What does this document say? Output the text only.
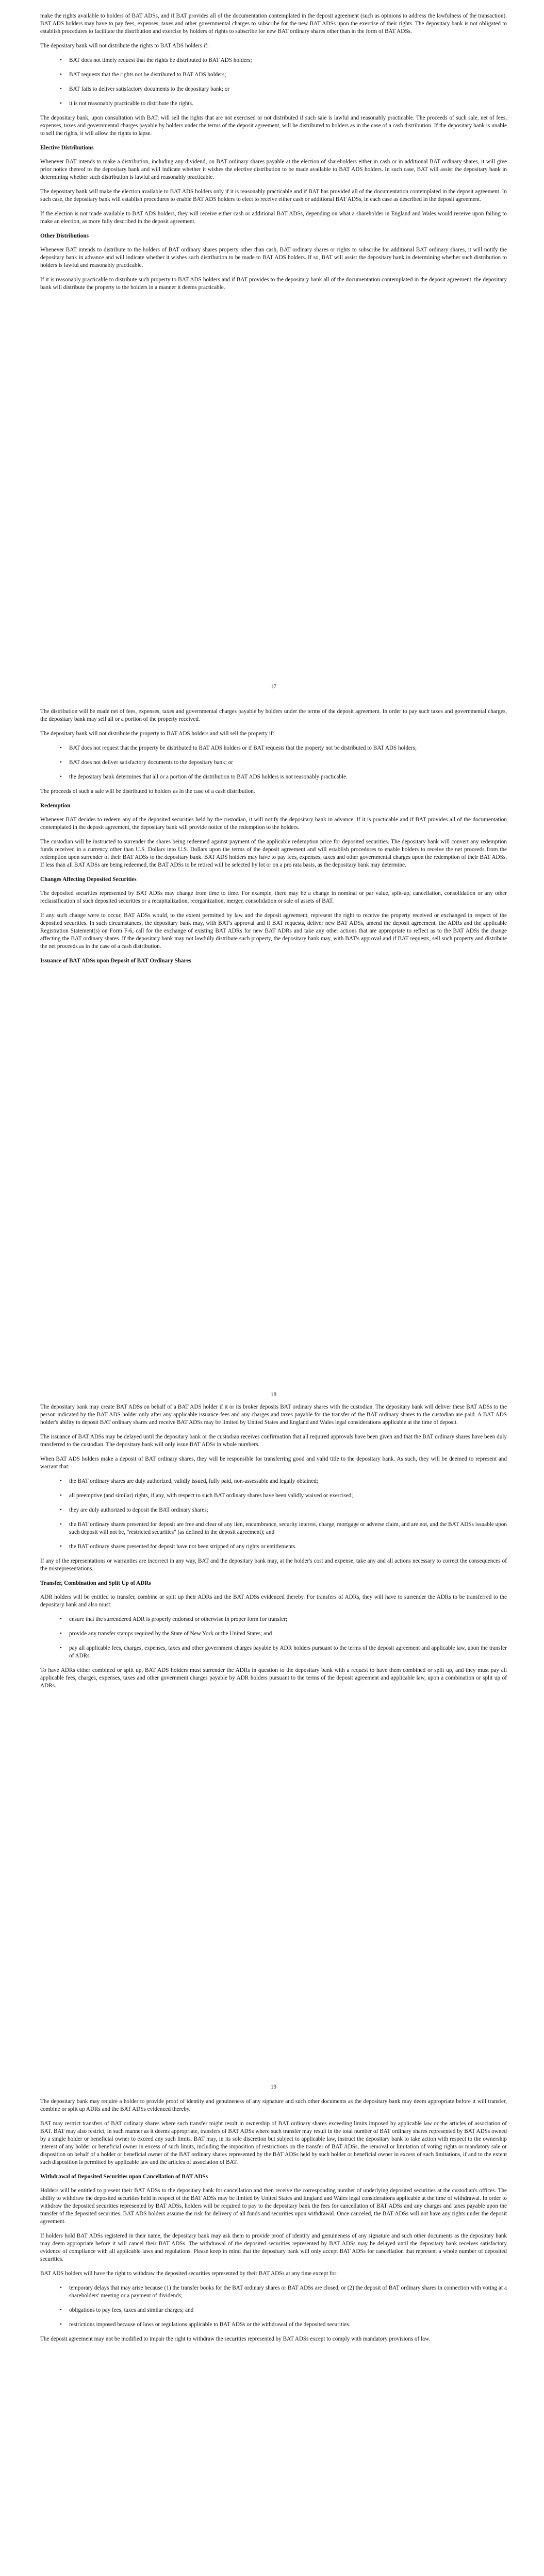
make the rights available to holders of BAT ADSs, and if BAT provides all of the documentation contemplated in the deposit agreement (such as opinions to address the lawfulness of the transaction). BAT ADS holders may have to pay fees, expenses, taxes and other governmental charges to subscribe for the new BAT ADSs upon the exercise of their rights. The depositary bank is not obligated to establish procedures to facilitate the distribution and exercise by holders of rights to subscribe for new BAT ordinary shares other than in the form of BAT ADSs.

The depositary bank will not distribute the rights to BAT ADS holders if:

• BAT does not timely request that the rights be distributed to BAT ADS holders;
• BAT requests that the rights not be distributed to BAT ADS holders;
• BAT fails to deliver satisfactory documents to the depositary bank; or
• it is not reasonably practicable to distribute the rights.

The depositary bank, upon consultation with BAT, will sell the rights that are not exercised or not distributed if such sale is lawful and reasonably practicable. The proceeds of such sale, net of fees, expenses, taxes and governmental charges payable by holders under the terms of the deposit agreement, will be distributed to holders as in the case of a cash distribution. If the depositary bank is unable to sell the rights, it will allow the rights to lapse.

Elective Distributions

Whenever BAT intends to make a distribution, including any dividend, on BAT ordinary shares payable at the election of shareholders either in cash or in additional BAT ordinary shares, it will give prior notice thereof to the depositary bank and will indicate whether it wishes the elective distribution to be made available to BAT ADS holders. In such case, BAT will assist the depositary bank in determining whether such distribution is lawful and reasonably practicable.

The depositary bank will make the election available to BAT ADS holders only if it is reasonably practicable and if BAT has provided all of the documentation contemplated in the deposit agreement. In such case, the depositary bank will establish procedures to enable BAT ADS holders to elect to receive either cash or additional BAT ADSs, in each case as described in the deposit agreement.

If the election is not made available to BAT ADS holders, they will receive either cash or additional BAT ADSs, depending on what a shareholder in England and Wales would receive upon failing to make an election, as more fully described in the deposit agreement.

Other Distributions

Whenever BAT intends to distribute to the holders of BAT ordinary shares property other than cash, BAT ordinary shares or rights to subscribe for additional BAT ordinary shares, it will notify the depositary bank in advance and will indicate whether it wishes such distribution to be made to BAT ADS holders. If so, BAT will assist the depositary bank in determining whether such distribution to holders is lawful and reasonably practicable.

If it is reasonably practicable to distribute such property to BAT ADS holders and if BAT provides to the depositary bank all of the documentation contemplated in the deposit agreement, the depositary bank will distribute the property to the holders in a manner it deems practicable.

17

The distribution will be made net of fees, expenses, taxes and governmental charges payable by holders under the terms of the deposit agreement. In order to pay such taxes and governmental charges, the depositary bank may sell all or a portion of the property received.

The depositary bank will not distribute the property to BAT ADS holders and will sell the property if:

• BAT does not request that the property be distributed to BAT ADS holders or if BAT requests that the property not be distributed to BAT ADS holders;
• BAT does not deliver satisfactory documents to the depositary bank; or
• the depositary bank determines that all or a portion of the distribution to BAT ADS holders is not reasonably practicable.

The proceeds of such a sale will be distributed to holders as in the case of a cash distribution.

Redemption

Whenever BAT decides to redeem any of the deposited securities held by the custodian, it will notify the depositary bank in advance. If it is practicable and if BAT provides all of the documentation contemplated in the deposit agreement, the depositary bank will provide notice of the redemption to the holders.

The custodian will be instructed to surrender the shares being redeemed against payment of the applicable redemption price for deposited securities. The depositary bank will convert any redemption funds received in a currency other than U.S. Dollars into U.S. Dollars upon the terms of the deposit agreement and will establish procedures to enable holders to receive the net proceeds from the redemption upon surrender of their BAT ADSs to the depositary bank. BAT ADS holders may have to pay fees, expenses, taxes and other governmental charges upon the redemption of their BAT ADSs. If less than all BAT ADSs are being redeemed, the BAT ADSs to be retired will be selected by lot or on a pro rata basis, as the depositary bank may determine.

Changes Affecting Deposited Securities

The deposited securities represented by BAT ADSs may change from time to time. For example, there may be a change in nominal or par value, split-up, cancellation, consolidation or any other reclassification of such deposited securities or a recapitalization, reorganization, merger, consolidation or sale of assets of BAT.

If any such change were to occur, BAT ADSs would, to the extent permitted by law and the deposit agreement, represent the right to receive the property received or exchanged in respect of the deposited securities. In such circumstances, the depositary bank may, with BAT's approval and if BAT requests, deliver new BAT ADSs, amend the deposit agreement, the ADRs and the applicable Registration Statement(s) on Form F-6, call for the exchange of existing BAT ADRs for new BAT ADRs and take any other actions that are appropriate to reflect as to the BAT ADSs the change affecting the BAT ordinary shares. If the depositary bank may not lawfully distribute such property, the depositary bank may, with BAT's approval and if BAT requests, sell such property and distribute the net proceeds as in the case of a cash distribution.

Issuance of BAT ADSs upon Deposit of BAT Ordinary Shares
18

The depositary bank may create BAT ADSs on behalf of a BAT ADS holder if it or its broker deposits BAT ordinary shares with the custodian. The depositary bank will deliver these BAT ADSs to the person indicated by the BAT ADS holder only after any applicable issuance fees and any charges and taxes payable for the transfer of the BAT ordinary shares to the custodian are paid. A BAT ADS holder's ability to deposit BAT ordinary shares and receive BAT ADSs may be limited by United States and England and Wales legal considerations applicable at the time of deposit.

The issuance of BAT ADSs may be delayed until the depositary bank or the custodian receives confirmation that all required approvals have been given and that the BAT ordinary shares have been duly transferred to the custodian. The depositary bank will only issue BAT ADSs in whole numbers.

When BAT ADS holders make a deposit of BAT ordinary shares, they will be responsible for transferring good and valid title to the depositary bank. As such, they will be deemed to represent and warrant that:

• the BAT ordinary shares are duly authorized, validly issued, fully paid, non-assessable and legally obtained;
• all preemptive (and similar) rights, if any, with respect to such BAT ordinary shares have been validly waived or exercised;
• they are duly authorized to deposit the BAT ordinary shares;
• the BAT ordinary shares presented for deposit are free and clear of any lien, encumbrance, security interest, charge, mortgage or adverse claim, and are not, and the BAT ADSs issuable upon such deposit will not be, "restricted securities" (as defined in the deposit agreement); and
• the BAT ordinary shares presented for deposit have not been stripped of any rights or entitlements.

If any of the representations or warranties are incorrect in any way, BAT and the depositary bank may, at the holder's cost and expense, take any and all actions necessary to correct the consequences of the misrepresentations.

Transfer, Combination and Split Up of ADRs

ADR holders will be entitled to transfer, combine or split up their ADRs and the BAT ADSs evidenced thereby. For transfers of ADRs, they will have to surrender the ADRs to be transferred to the depositary bank and also must:

• ensure that the surrendered ADR is properly endorsed or otherwise in proper form for transfer;
• provide any transfer stamps required by the State of New York or the United States; and
• pay all applicable fees, charges, expenses, taxes and other government charges payable by ADR holders pursuant to the terms of the deposit agreement and applicable law, upon the transfer of ADRs.

To have ADRs either combined or split up, BAT ADS holders must surrender the ADRs in question to the depositary bank with a request to have them combined or split up, and they must pay all applicable fees, charges, expenses, taxes and other government charges payable by ADR holders pursuant to the terms of the deposit agreement and applicable law, upon a combination or split up of ADRs.

19

The depositary bank may require a holder to provide proof of identity and genuineness of any signature and such other documents as the depositary bank may deem appropriate before it will transfer, combine or split up ADRs and the BAT ADSs evidenced thereby.

BAT may restrict transfers of BAT ordinary shares where such transfer might result in ownership of BAT ordinary shares exceeding limits imposed by applicable law or the articles of association of BAT. BAT may also restrict, in such manner as it deems appropriate, transfers of BAT ADSs where such transfer may result in the total number of BAT ordinary shares represented by BAT ADSs owned by a single holder or beneficial owner to exceed any such limits. BAT may, in its sole discretion but subject to applicable law, instruct the depositary bank to take action with respect to the ownership interest of any holder or beneficial owner in excess of such limits, including the imposition of restrictions on the transfer of BAT ADSs, the removal or limitation of voting rights or mandatory sale or disposition on behalf of a holder or beneficial owner of the BAT ordinary shares represented by the BAT ADSs held by such holder or beneficial owner in excess of such limitations, if and to the extent such disposition is permitted by applicable law and the articles of association of BAT.

Withdrawal of Deposited Securities upon Cancellation of BAT ADSs

Holders will be entitled to present their BAT ADSs to the depositary bank for cancellation and then receive the corresponding number of underlying deposited securities at the custodian's offices. The ability to withdraw the deposited securities held in respect of the BAT ADSs may be limited by United States and England and Wales legal considerations applicable at the time of withdrawal. In order to withdraw the deposited securities represented by BAT ADSs, holders will be required to pay to the depositary bank the fees for cancellation of BAT ADSs and any charges and taxes payable upon the transfer of the deposited securities. BAT ADS holders assume the risk for delivery of all funds and securities upon withdrawal. Once canceled, the BAT ADSs will not have any rights under the deposit agreement.

If holders hold BAT ADSs registered in their name, the depositary bank may ask them to provide proof of identity and genuineness of any signature and such other documents as the depositary bank may deem appropriate before it will cancel their BAT ADSs. The withdrawal of the deposited securities represented by BAT ADSs may be delayed until the depositary bank receives satisfactory evidence of compliance with all applicable laws and regulations. Please keep in mind that the depositary bank will only accept BAT ADSs for cancellation that represent a whole number of deposited securities.

BAT ADS holders will have the right to withdraw the deposited securities represented by their BAT ADSs at any time except for:

• temporary delays that may arise because (1) the transfer books for the BAT ordinary shares or BAT ADSs are closed, or (2) the deposit of BAT ordinary shares in connection with voting at a shareholders' meeting or a payment of dividends;
• obligations to pay fees, taxes and similar charges; and
• restrictions imposed because of laws or regulations applicable to BAT ADSs or the withdrawal of the deposited securities.

The deposit agreement may not be modified to impair the right to withdraw the securities represented by BAT ADSs except to comply with mandatory provisions of law.
